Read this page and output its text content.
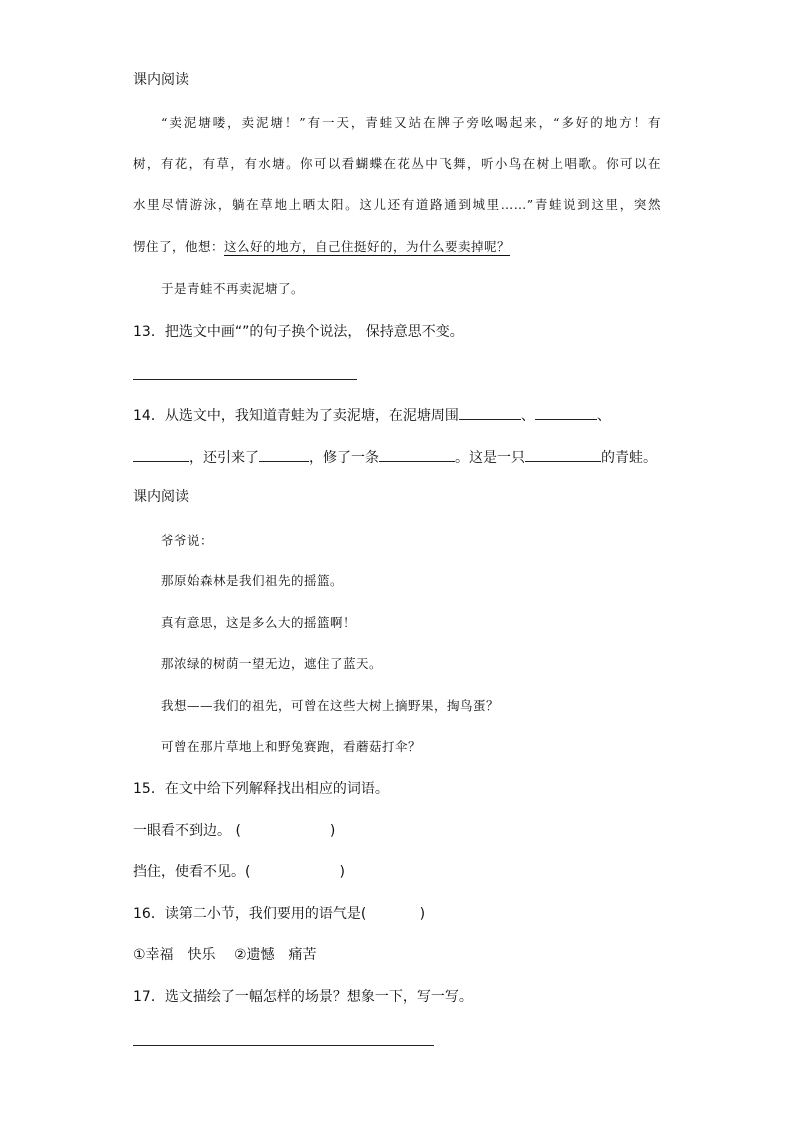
课内阅读
“卖泥塘喽，卖泥塘！”有一天，青蛙又站在牌子旁吆喝起来，“多好的地方！有
树，有花，有草，有水塘。你可以看蝴蝶在花丛中飞舞，听小鸟在树上唱歌。你可以在
水里尽情游泳，躺在草地上晒太阳。这儿还有道路通到城里……”青蛙说到这里，突然
愣住了，他想：这么好的地方，自己住挺好的，为什么要卖掉呢？
于是青蛙不再卖泥塘了。
13．把选文中画“”的句子换个说法， 保持意思不变。
14．从选文中，我知道青蛙为了卖泥塘，在泥塘周围	、	、
，还引来了	，修了一条	。这是一只	的青蛙。
课内阅读
爷爷说：
那原始森林是我们祖先的摇篮。
真有意思，这是多么大的摇篮啊！
那浓绿的树荫一望无边，遮住了蓝天。
我想——我们的祖先，可曾在这些大树上摘野果，掏鸟蛋？
可曾在那片草地上和野兔赛跑，看蘑菇打伞？
15．在文中给下列解释找出相应的词语。
一眼看不到边。 (                    )
挡住，使看不见。(                    )
16．读第二小节，我们要用的语气是(            )
①幸福　快乐　 ②遗憾　痛苦
17．选文描绘了一幅怎样的场景？想象一下，写一写。
